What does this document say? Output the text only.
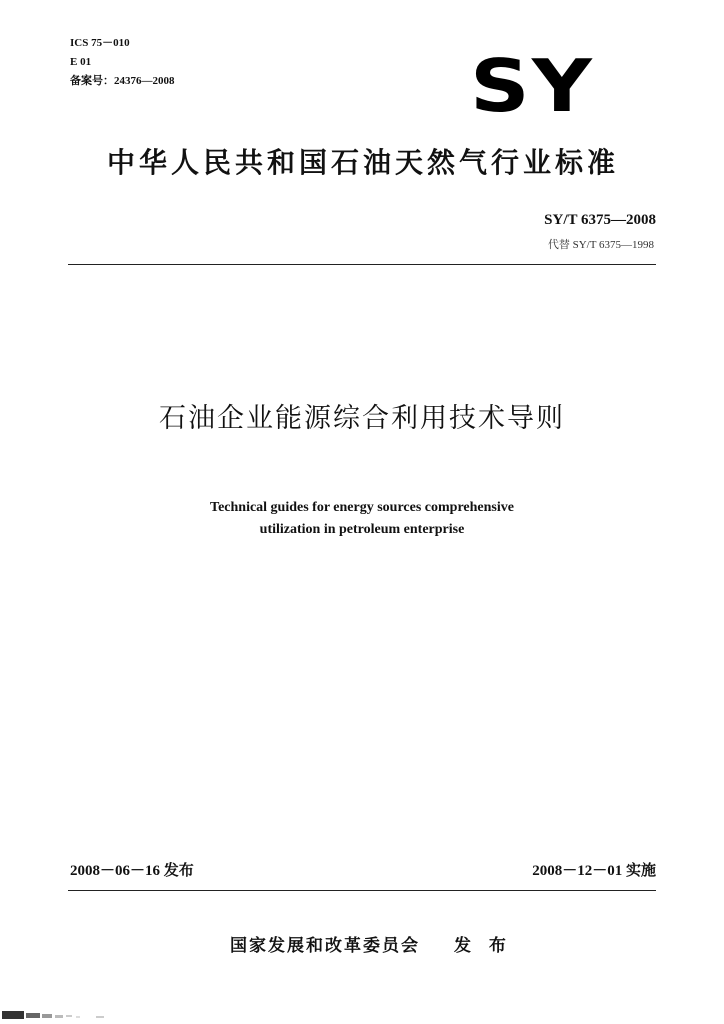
ICS 75－010
E 01
备案号：24376—2008	SY
中华人民共和国石油天然气行业标准
SY/T 6375—2008
代替 SY/T 6375—1998
石油企业能源综合利用技术导则
Technical guides for energy sources comprehensive
utilization in petroleum enterprise
2008－06－16 发布	2008－12－01 实施
国家发展和改革委员会 发 布
